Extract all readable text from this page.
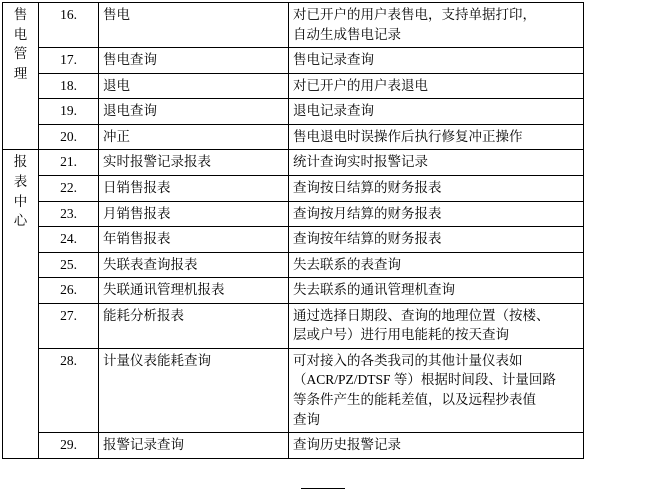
售
电
管
理	16.	售电	对已开户的用户表售电，支持单据打印，
自动生成售电记录

	17.	售电查询	售电记录查询

	18.	退电	对已开户的用户表退电

	19.	退电查询	退电记录查询

	20.	冲正	售电退电时误操作后执行修复冲正操作

报
表
中
心	21.	实时报警记录报表	统计查询实时报警记录

	22.	日销售报表	查询按日结算的财务报表

	23.	月销售报表	查询按月结算的财务报表

	24.	年销售报表	查询按年结算的财务报表

	25.	失联表查询报表	失去联系的表查询

	26.	失联通讯管理机报表	失去联系的通讯管理机查询

	27.	能耗分析报表	通过选择日期段、查询的地理位置（按楼、
层或户号）进行用电能耗的按天查询

	28.	计量仪表能耗查询	可对接入的各类我司的其他计量仪表如
（ACR/PZ/DTSF 等）根据时间段、计量回路
等条件产生的能耗差值，以及远程抄表值
查询

	29.	报警记录查询	查询历史报警记录
